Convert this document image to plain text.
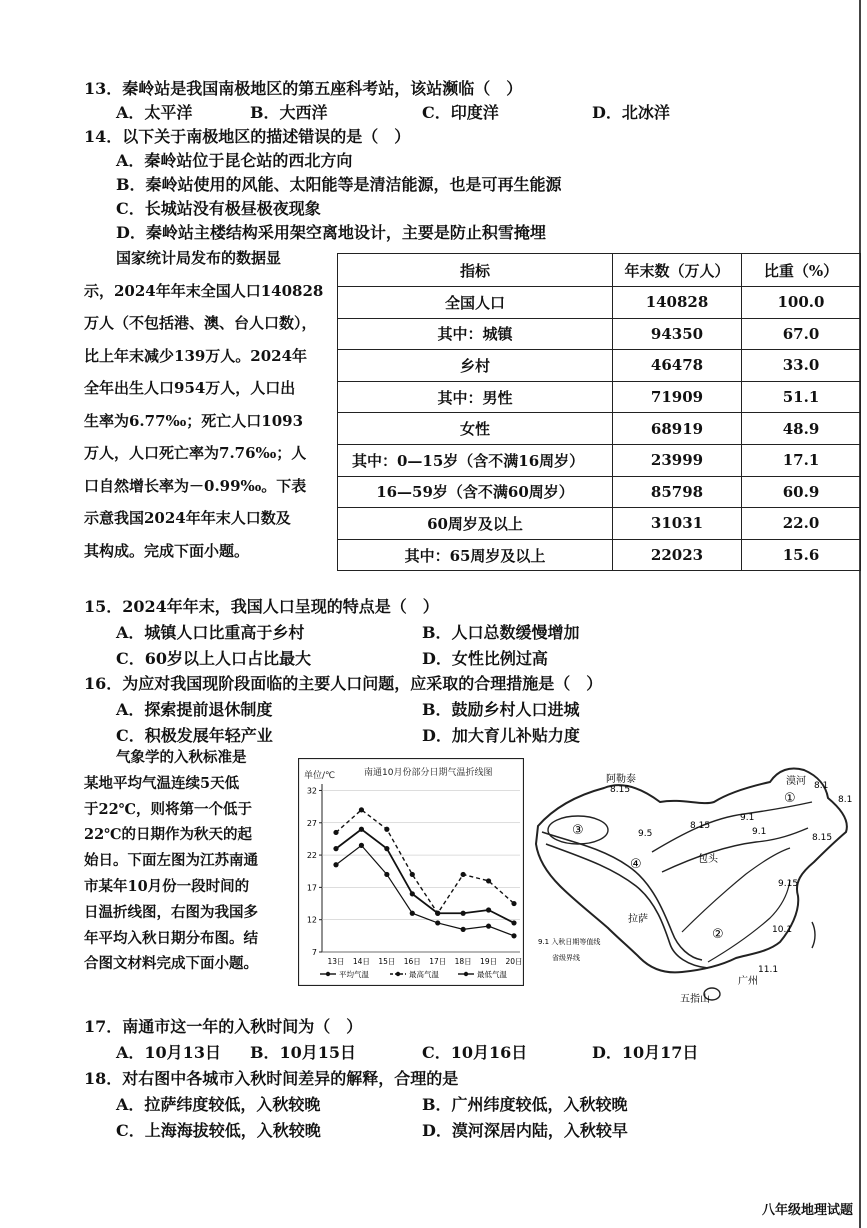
13．秦岭站是我国南极地区的第五座科考站，该站濒临（　）
A．太平洋	B．大西洋	C．印度洋	D．北冰洋
14．以下关于南极地区的描述错误的是（　）
A．秦岭站位于昆仑站的西北方向
B．秦岭站使用的风能、太阳能等是清洁能源，也是可再生能源
C．长城站没有极昼极夜现象
D．秦岭站主楼结构采用架空离地设计，主要是防止积雪掩埋
国家统计局发布的数据显
示，2024年年末全国人口140828
万人（不包括港、澳、台人口数），
比上年末减少139万人。2024年
全年出生人口954万人，人口出
生率为6.77‰；死亡人口1093
万人，人口死亡率为7.76‰；人
口自然增长率为－0.99‰。下表
示意我国2024年年末人口数及
其构成。完成下面小题。
指标	年末数（万人）	比重（%）
全国人口	140828	100.0
其中：城镇	94350	67.0
乡村	46478	33.0
其中：男性	71909	51.1
女性	68919	48.9
其中：0—15岁（含不满16周岁）	23999	17.1
16—59岁（含不满60周岁）	85798	60.9
60周岁及以上	31031	22.0
其中：65周岁及以上	22023	15.6
15．2024年年末，我国人口呈现的特点是（　）
A．城镇人口比重高于乡村	B．人口总数缓慢增加
C．60岁以上人口占比最大	D．女性比例过高
16．为应对我国现阶段面临的主要人口问题，应采取的合理措施是（　）
A．探索提前退休制度	B．鼓励乡村人口进城
C．积极发展年轻产业	D．加大育儿补贴力度
气象学的入秋标准是
某地平均气温连续5天低
于22℃，则将第一个低于
22℃的日期作为秋天的起
始日。下面左图为江苏南通
市某年10月份一段时间的
日温折线图，右图为我国多
年平均入秋日期分布图。结
合图文材料完成下面小题。
单位/℃	南通10月份部分日期气温折线图
7
12
17
22
27
32
13日 14日 15日 16日 17日 18日 19日 20日
平均气温	最高气温	最低气温
漠河
阿勒泰
包头
拉萨
广州
五指山
①
②
③
④
8.1
8.15
8.15
9.1
8.15
9.15
10.1
11.1
9.5
8.1
9.1
9.1 入秋日期等值线
省级界线
17．南通市这一年的入秋时间为（　）
A．10月13日 B．10月15日	C．10月16日	D．10月17日
18．对右图中各城市入秋时间差异的解释，合理的是
A．拉萨纬度较低，入秋较晚	B．广州纬度较低，入秋较晚
C．上海海拔较低，入秋较晚	D．漠河深居内陆，入秋较早
八年级地理试题
